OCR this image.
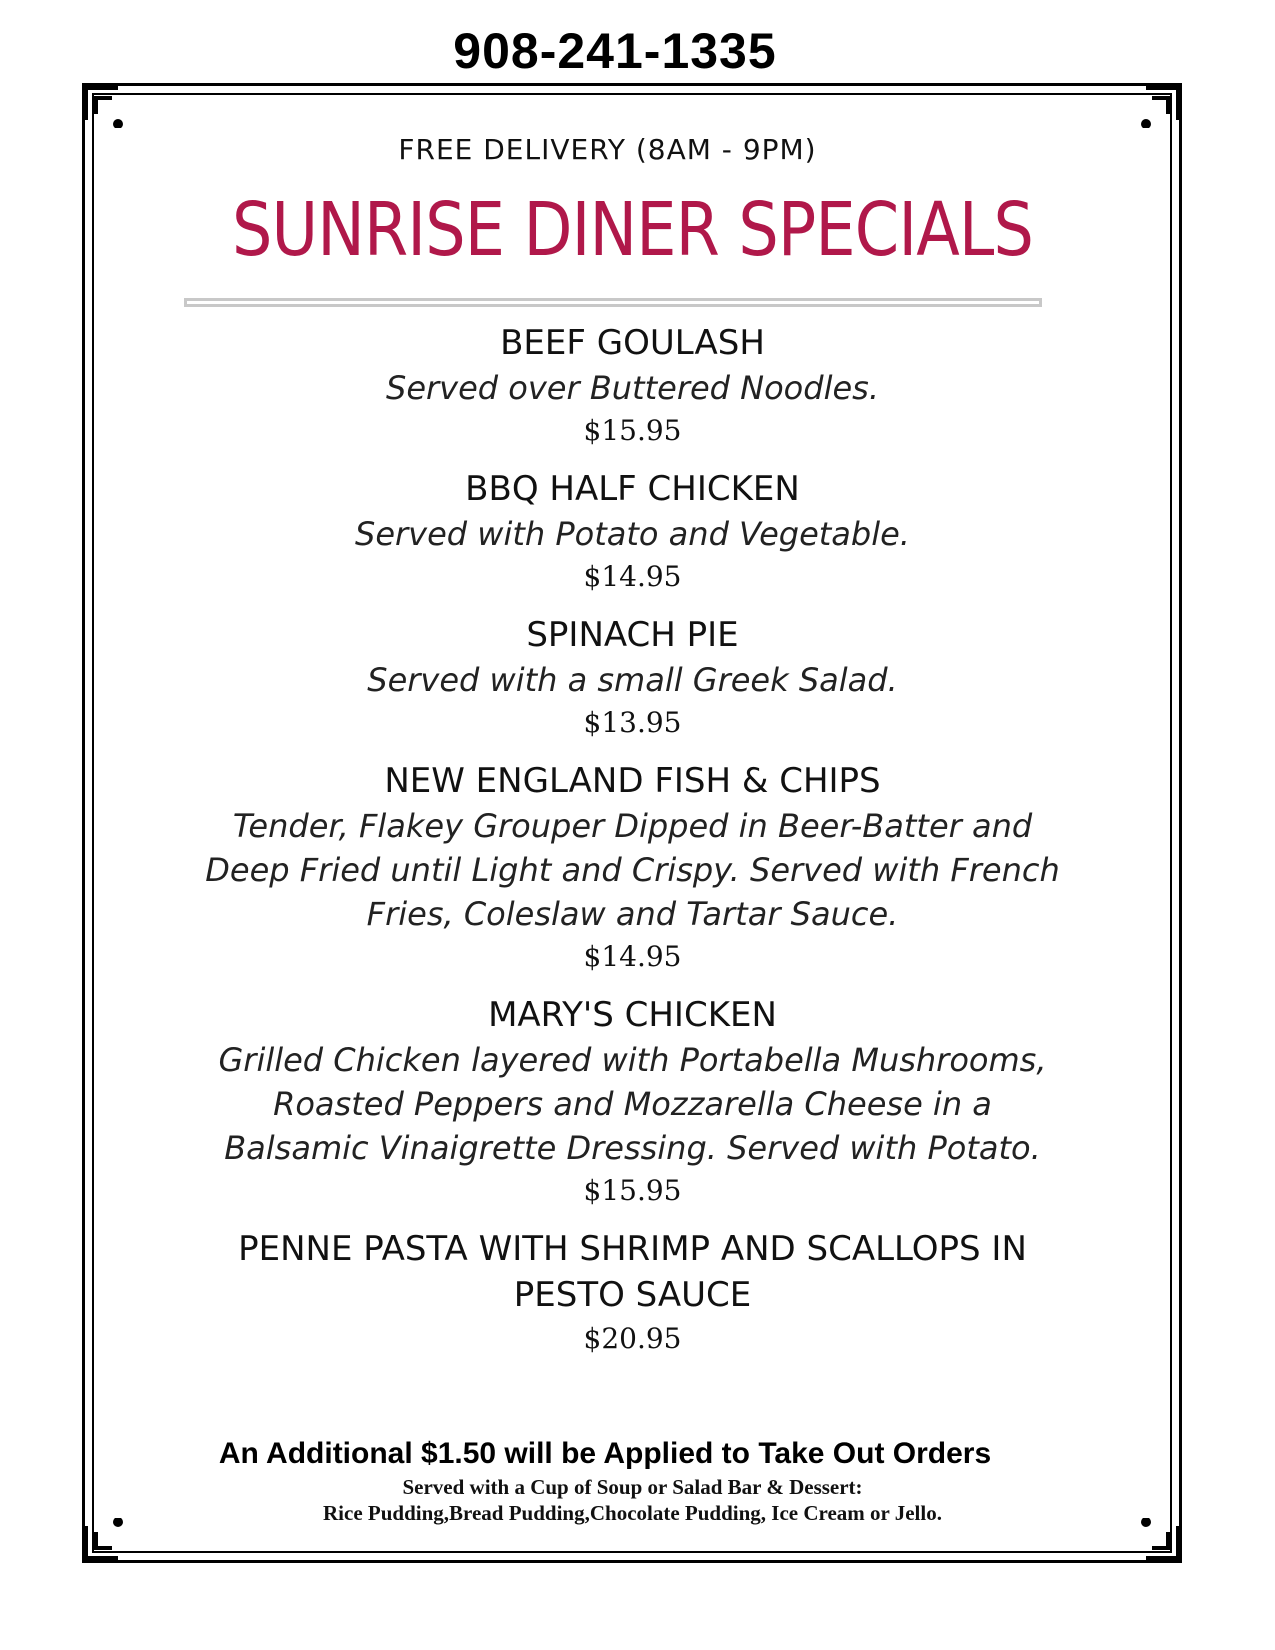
908-241-1335
FREE DELIVERY (8AM - 9PM)
SUNRISE DINER SPECIALS
BEEF GOULASH
Served over Buttered Noodles.
$15.95
BBQ HALF CHICKEN
Served with Potato and Vegetable.
$14.95
SPINACH PIE
Served with a small Greek Salad.
$13.95
NEW ENGLAND FISH & CHIPS
Tender, Flakey Grouper Dipped in Beer-Batter and Deep Fried until Light and Crispy. Served with French Fries, Coleslaw and Tartar Sauce.
$14.95
MARY'S CHICKEN
Grilled Chicken layered with Portabella Mushrooms, Roasted Peppers and Mozzarella Cheese in a Balsamic Vinaigrette Dressing. Served with Potato.
$15.95
PENNE PASTA WITH SHRIMP AND SCALLOPS IN PESTO SAUCE
$20.95
Served with a Cup of Soup or Salad Bar & Dessert:
Rice Pudding,Bread Pudding,Chocolate Pudding, Ice Cream or Jello.
An Additional $1.50 will be Applied to Take Out Orders
